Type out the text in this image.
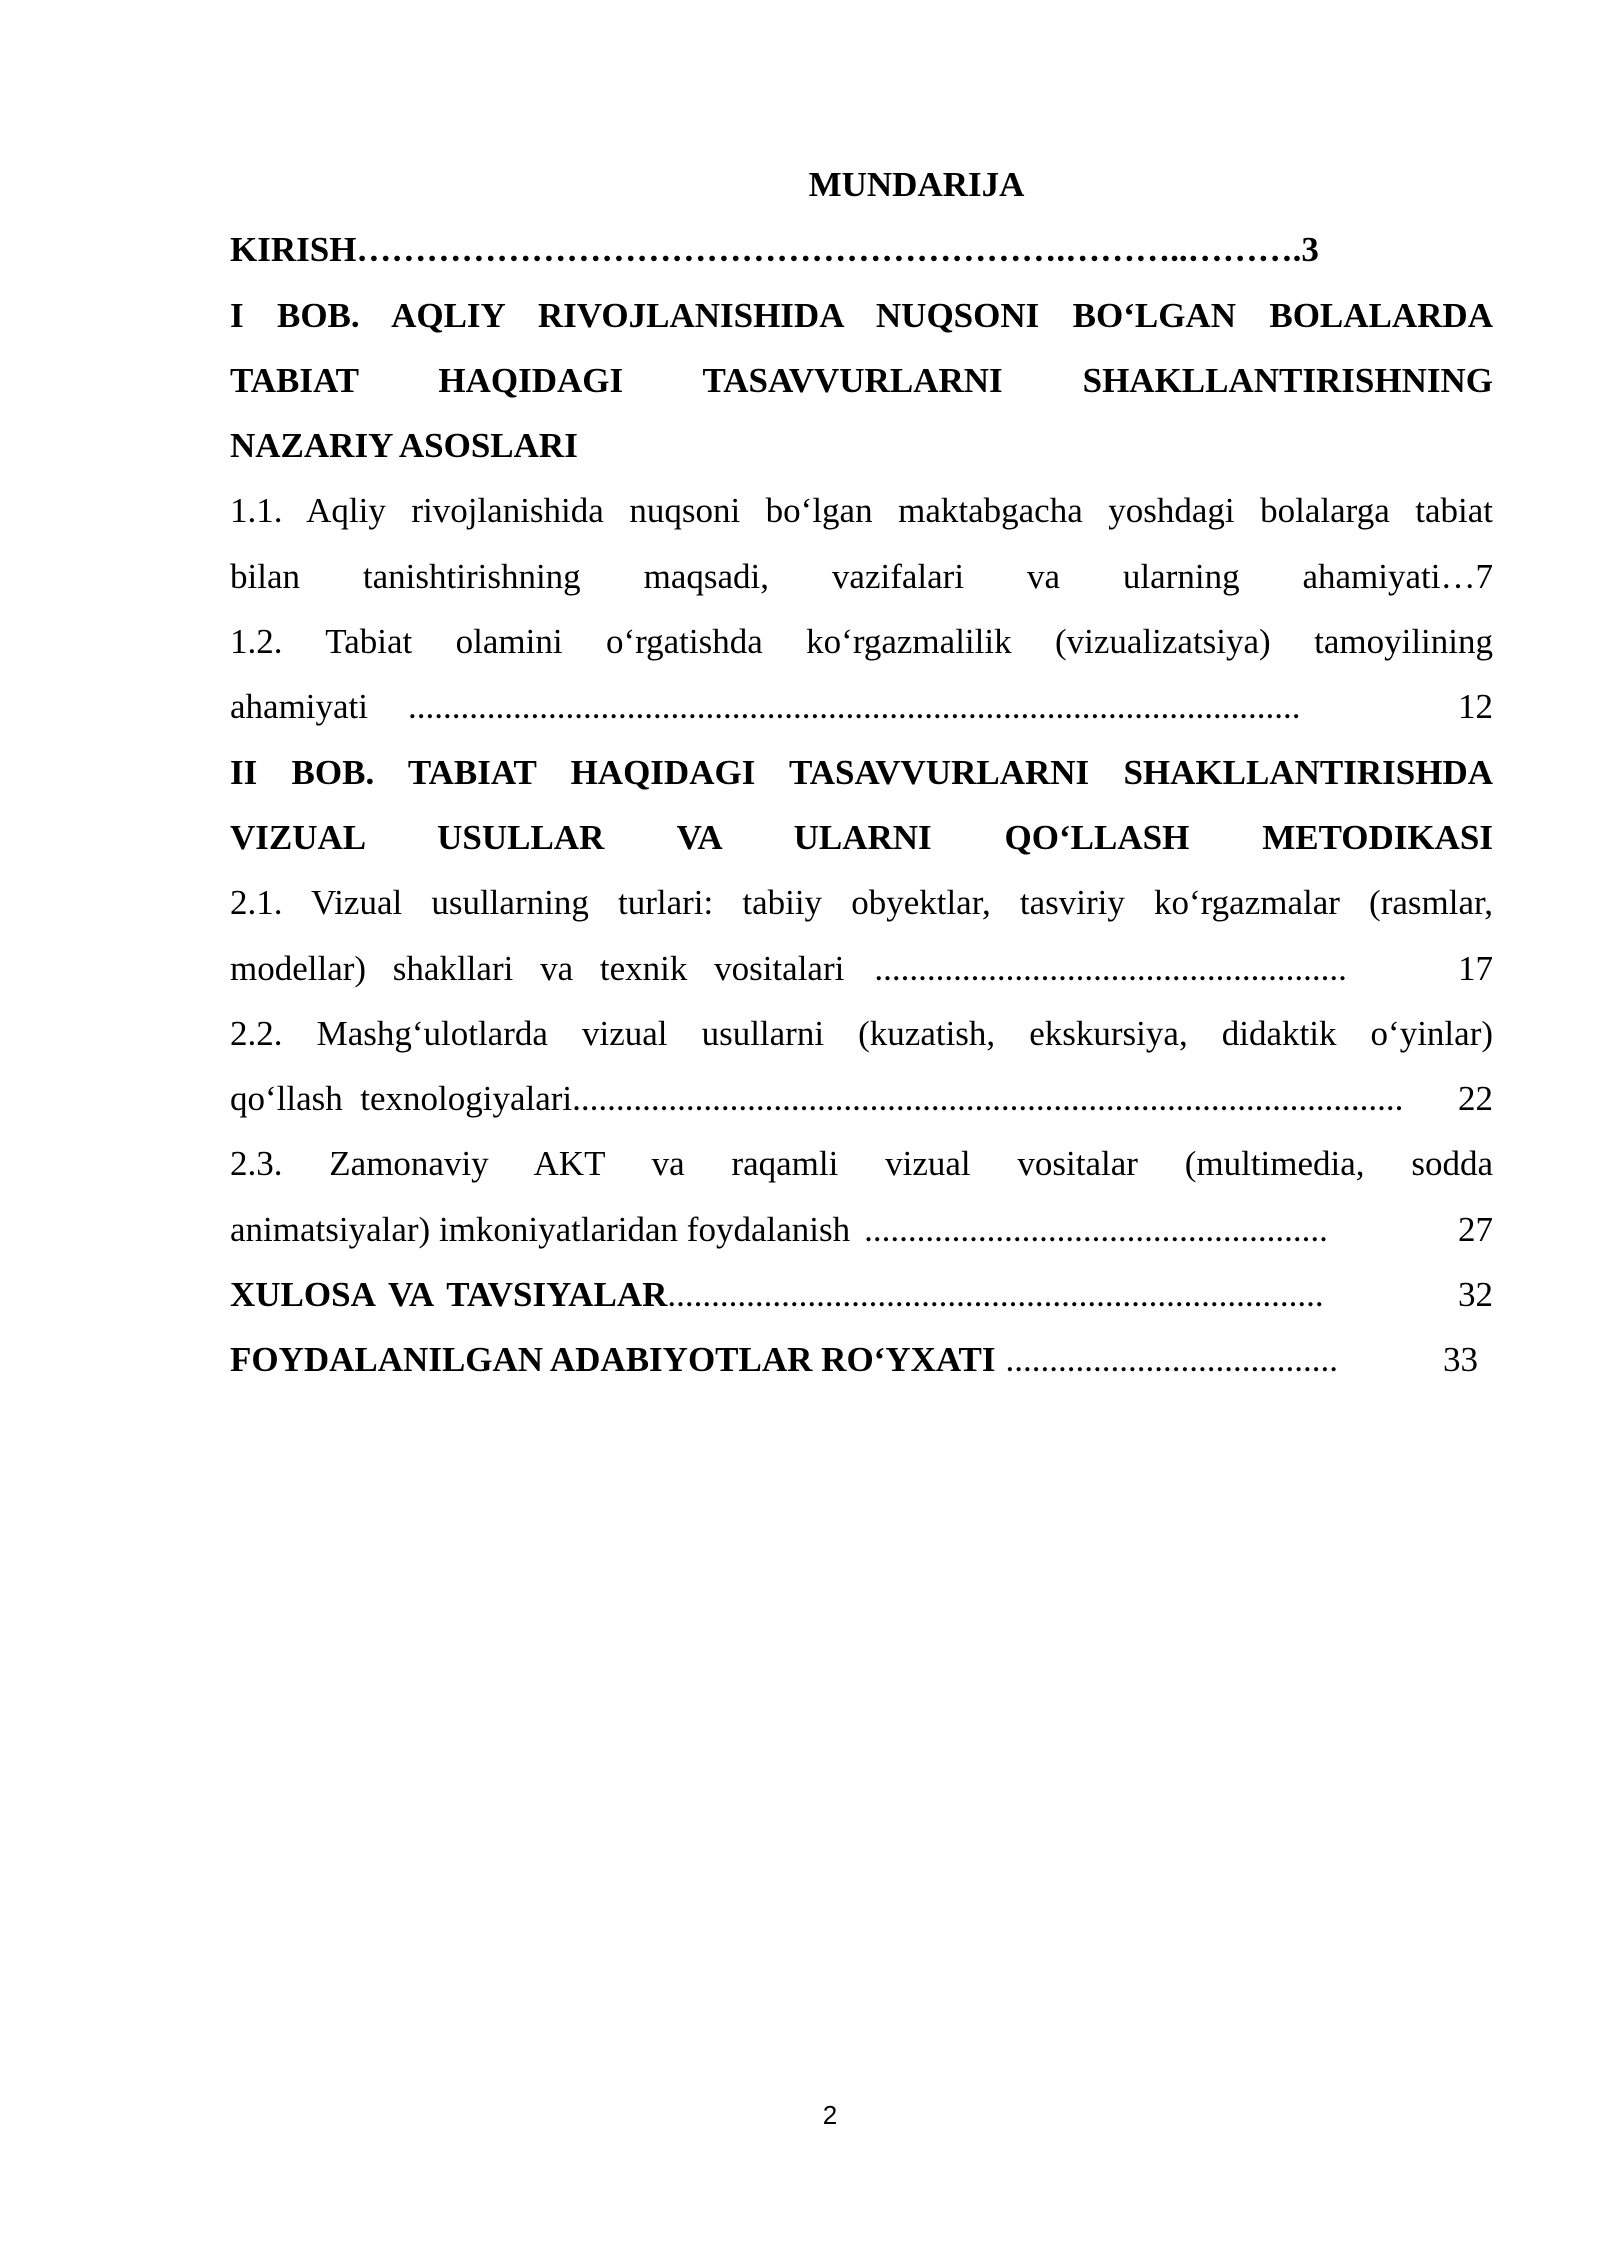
MUNDARIJA
KIRISH…………………………………………………….………..……….3
I BOB. AQLIY RIVOJLANISHIDA NUQSONI BO‘LGAN BOLALARDA
TABIAT HAQIDAGI TASAVVURLARNI SHAKLLANTIRISHNING
NAZARIY ASOSLARI
1.1. Aqliy rivojlanishida nuqsoni bo‘lgan maktabgacha yoshdagi bolalarga tabiat
bilan tanishtirishning maqsadi, vazifalari va ularning ahamiyati…7
1.2. Tabiat olamini o‘rgatishda ko‘rgazmalilik (vizualizatsiya) tamoyilining
ahamiyati ......................................................................................................	12
II BOB. TABIAT HAQIDAGI TASAVVURLARNI SHAKLLANTIRISHDA
VIZUAL USULLAR VA ULARNI QO‘LLASH METODIKASI
2.1. Vizual usullarning turlari: tabiiy obyektlar, tasviriy ko‘rgazmalar (rasmlar,
modellar) shakllari va texnik vositalari ......................................................	17
2.2. Mashg‘ulotlarda vizual usullarni (kuzatish, ekskursiya, didaktik o‘yinlar)
qo‘llash  texnologiyalari ...............................................................................................	22
2.3. Zamonaviy AKT va raqamli vizual vositalar (multimedia, sodda
animatsiyalar) imkoniyatlaridan foydalanish .....................................................	27
XULOSA VA TAVSIYALAR ...........................................................................	32
FOYDALANILGAN ADABIYOTLAR RO‘YXATI ......................................	33
2
